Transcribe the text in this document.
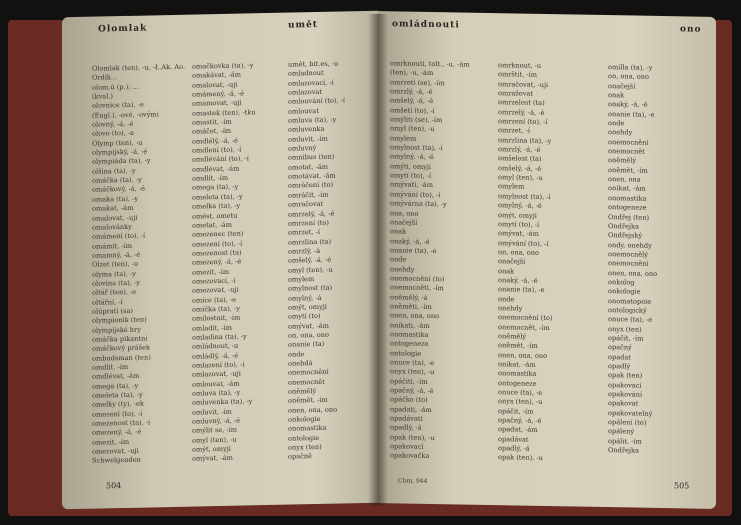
Olomlak	umět
Olomlak (ten), -u, -Ł.Ak. Ao.
Ordík...
olom.ú (p.); ...
(kval.)
olovnice (ta), -e
(Eugl.), -ové, -ovými
olovný, -á, -é
olovo (to), -a
Olymp (ten), -u
olympijský, -á, -é
olympiáda (ta), -y
olšina (ta), -y
omáčka (ta), -y
omáčkový, -á, -é
omaka (ta), -y
omakat, -ám
omalovat, -uji
omalovánky
omámení (to), -í
omámit, -ím
omamný, -á, -é
Olzet (ten), -u
olyma (ta), -y
olovina (ta), -y
oltář (ten), -e
oltářní, -í
olúprati (sa)
olympionik (ten)
olympijské hry
omáčka pikantní
omáčkový prášek
ombudsman (ten)
omdlít, -ím
omdlévat, -ám
omega (ta), -y
omeleta (ta), -y
omelky (ty), -ek
omezení (to), -í
omezenost (ta), -i
omezený, -á, -é
omezit, -ím
omezovat, -uji
Schwelgenden
omačkovka (ta), -y
omakávat, -ám
omalovat, -uji
omámený, -á, -é
omamovat, -uji
omastek (ten), -tku
omastit, -ím
omáčet, -ím
omdlélý, -á, -é
omdlení (to), -í
omdlévání (to), -í
omdlévat, -ám
omdlít, -ím
omega (ta), -y
omeleta (ta), -y
omelka (ta), -y
omést, ometu
ometat, -ám
omezenec (ten)
omezení (to), -í
omezenost (ta)
omezený, -á, -é
omezit, -ím
omezovací, -í
omezovat, -uji
omice (ta), -e
omička (ta), -y
omilostnit, -ím
omladit, -ím
omladina (ta), -y
omládnout, -u
omládlý, -á, -é
omlazení (to), -í
omlazovat, -uji
omlouvat, -ám
omluva (ta), -y
omluvenka (ta), -y
omluvit, -ím
omluvný, -á, -é
omýlit se, -ím
omyl (ten), -u
omýt, omyji
omývat, -ám
umět, bit.es, -u
omladnout
omlazovací, -í
omlazovat
omlouvání (to), -í
omlouvat
omluva (ta), -y
omluvenka
omluvit, -ím
omluvný
omnibus (ten)
omotat, -ám
omotávat, -ám
omráčení (to)
omráčit, -ím
omračovat
omrzelý, -á, -é
omrzení (to)
omrzet, -í
omrzlina (ta)
omrzlý, -á
omšelý, -á, -é
omyl (ten), -u
omylem
omylnost (ta)
omylný, -á
omýt, omyji
omytí (to)
omývat, -ám
on, ona, ono
onanie (ta)
onde
onehdá
onemocnění
onemocnět
oněmělý
oněmět, -ím
onen, ona, ono
onkologie
onomastika
ontologie
onyx (ten)
opačně
504
omládnouti	ono
omrknouti, tolt., -u, -ám
(ten), -u, -ám
omrzeti (se), -ím
omrzlý, -á, -é
omšelý, -á, -é
omšetí (to), -í
omýliti (se), -ím
omyl (ten), -u
omylem
omylnost (ta), -i
omylný, -á, -é
omýti, omyji
omytí (to), -í
omývati, -ám
omývání (to), -í
omývárna (ta), -y
ona, ono
onačejší
onak
onaký, -á, -é
onanie (ta), -e
onde
onehdy
onemocnění (to)
onemocněti, -ím
oněmělý, -á
oněměti, -ím
onen, ona, ono
onikati, -ám
onomastika
ontogeneze
ontologie
onuce (ta), -e
onyx (ten), -u
opáčiti, -ím
opačný, -á, -é
opáčko (to)
opadati, -ám
opadávati
opadlý, -á
opak (ten), -u
opakovací
opakovačka
omrknout, -u
omrštit, -ím
omračovat, -uji
omražovat
omrzelost (ta)
omrzelý, -á, -é
omrzení (to), -í
omrzet, -í
omrzlina (ta), -y
omrzlý, -á, -é
omšelost (ta)
omšelý, -á, -é
omyl (ten), -u
omylem
omylnost (ta), -i
omylný, -á, -é
omýt, omyji
omytí (to), -í
omývat, -ám
omývání (to), -í
on, ona, ono
onačejší
onak
onaký, -á, -é
onanie (ta), -e
onde
onehdy
onemocnění (to)
onemocnět, -ím
oněmělý
oněmět, -ím
onen, ona, ono
onikat, -ám
onomastika
ontogeneze
onuce (ta), -e
onyx (ten), -u
opáčit, -ím
opačný, -á, -é
opadat, -ám
opadávat
opadlý, -á
opak (ten), -u
omilla (ta), -y
on, ona, ono
onačejší
onak
onaký, -á, -é
onanie (ta), -e
onde
onehdy
onemocnění
onemocnět
oněmělý
oněmět, -ím
onen, ona
onikat, -ám
onomastika
ontogeneze
Ondřej (ten)
Ondřejka
Ondřejský
ondy, onehdy
onemocnělý
onemocnění
onen, ona, ono
onkolog
onkologie
onomatopoie
ontologický
onuce (ta), -e
onyx (ten)
opáčit, -ím
opačný
opadat
opadlý
opak (ten)
opakovací
opakování
opakovat
opakovatelný
opálení (to)
opálený
opálit, -ím
Ondřejka
Chm. 944
505
